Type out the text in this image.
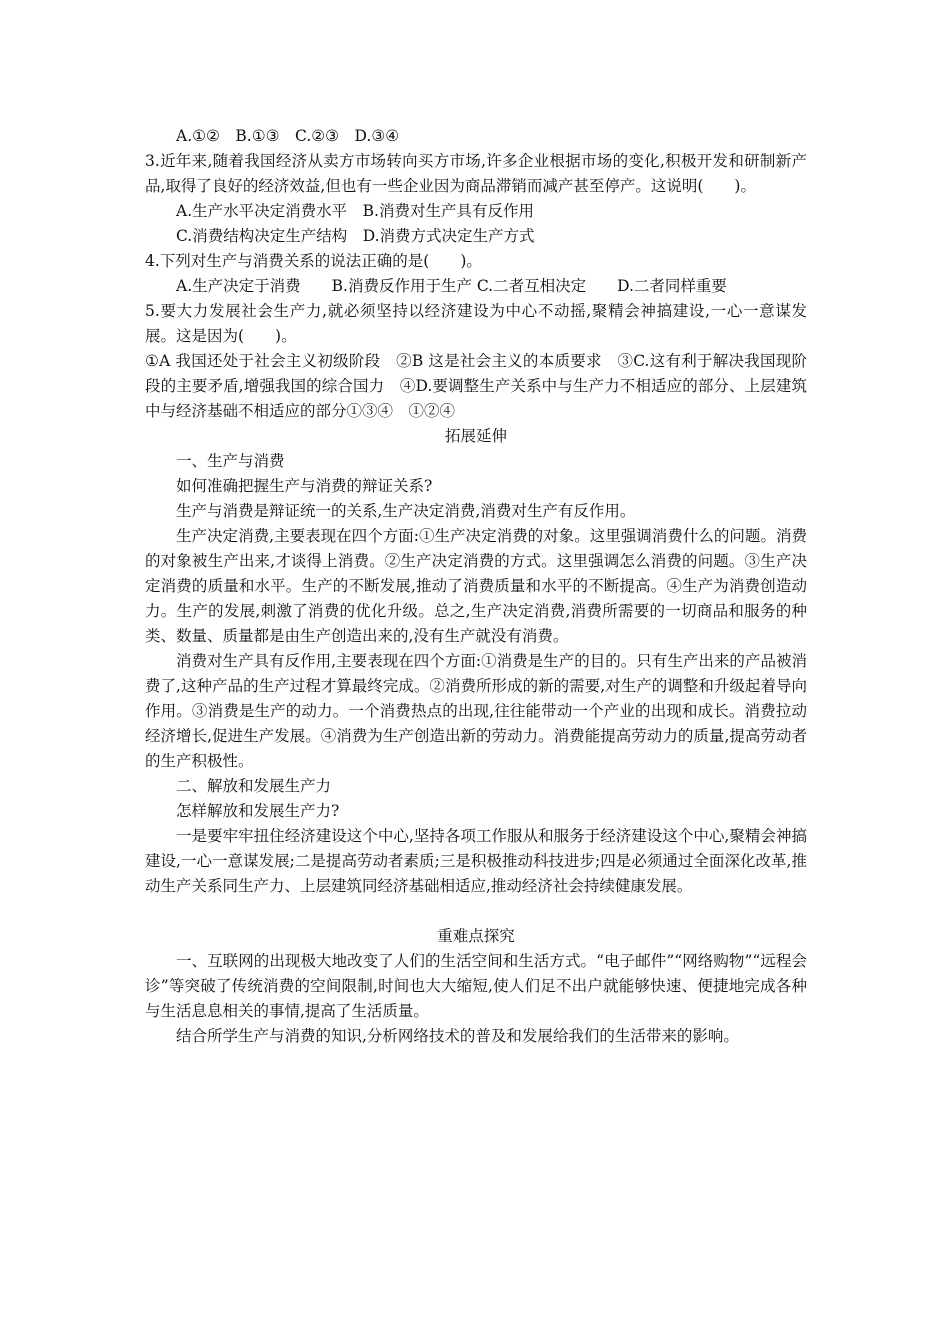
A.①②　B.①③　C.②③　D.③④

3.近年来,随着我国经济从卖方市场转向买方市场,许多企业根据市场的变化,积极开发和研制新产品,取得了良好的经济效益,但也有一些企业因为商品滞销而减产甚至停产。这说明(　　)。

A.生产水平决定消费水平　B.消费对生产具有反作用

C.消费结构决定生产结构　D.消费方式决定生产方式

4.下列对生产与消费关系的说法正确的是(　　)。

A.生产决定于消费　　B.消费反作用于生产 C.二者互相决定　　D.二者同样重要

5.要大力发展社会生产力,就必须坚持以经济建设为中心不动摇,聚精会神搞建设,一心一意谋发展。这是因为(　　)。

①A 我国还处于社会主义初级阶段　②B 这是社会主义的本质要求　③C.这有利于解决我国现阶段的主要矛盾,增强我国的综合国力　④D.要调整生产关系中与生产力不相适应的部分、上层建筑中与经济基础不相适应的部分①③④　①②④

拓展延伸

一、生产与消费

如何准确把握生产与消费的辩证关系?

生产与消费是辩证统一的关系,生产决定消费,消费对生产有反作用。

生产决定消费,主要表现在四个方面:①生产决定消费的对象。这里强调消费什么的问题。消费的对象被生产出来,才谈得上消费。②生产决定消费的方式。这里强调怎么消费的问题。③生产决定消费的质量和水平。生产的不断发展,推动了消费质量和水平的不断提高。④生产为消费创造动力。生产的发展,刺激了消费的优化升级。总之,生产决定消费,消费所需要的一切商品和服务的种类、数量、质量都是由生产创造出来的,没有生产就没有消费。

消费对生产具有反作用,主要表现在四个方面:①消费是生产的目的。只有生产出来的产品被消费了,这种产品的生产过程才算最终完成。②消费所形成的新的需要,对生产的调整和升级起着导向作用。③消费是生产的动力。一个消费热点的出现,往往能带动一个产业的出现和成长。消费拉动经济增长,促进生产发展。④消费为生产创造出新的劳动力。消费能提高劳动力的质量,提高劳动者的生产积极性。

二、解放和发展生产力

怎样解放和发展生产力?

一是要牢牢扭住经济建设这个中心,坚持各项工作服从和服务于经济建设这个中心,聚精会神搞建设,一心一意谋发展;二是提高劳动者素质;三是积极推动科技进步;四是必须通过全面深化改革,推动生产关系同生产力、上层建筑同经济基础相适应,推动经济社会持续健康发展。

重难点探究

一、互联网的出现极大地改变了人们的生活空间和生活方式。“电子邮件”“网络购物”“远程会诊”等突破了传统消费的空间限制,时间也大大缩短,使人们足不出户就能够快速、便捷地完成各种与生活息息相关的事情,提高了生活质量。

结合所学生产与消费的知识,分析网络技术的普及和发展给我们的生活带来的影响。
